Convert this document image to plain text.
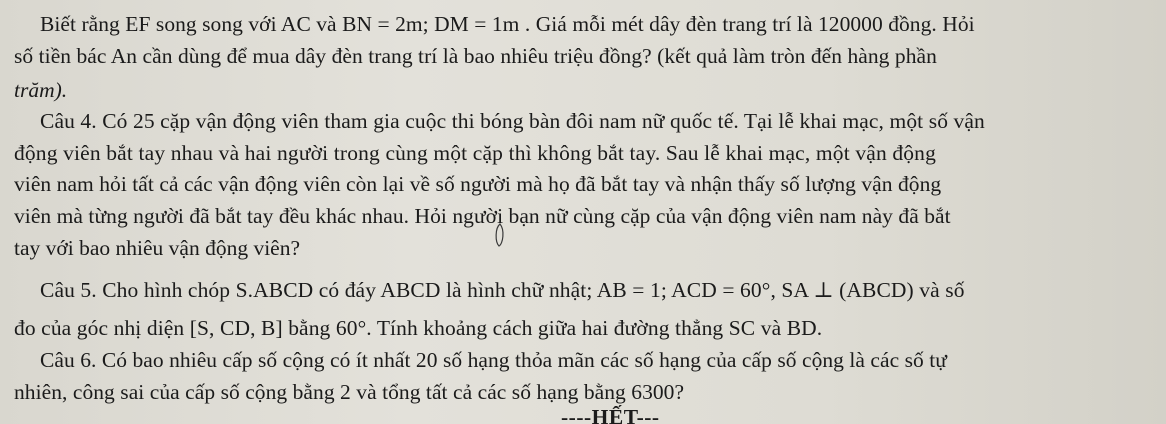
Biết rằng EF song song với AC và BN = 2m; DM = 1m . Giá mỗi mét dây đèn trang trí là 120000 đồng. Hỏi
số tiền bác An cần dùng để mua dây đèn trang trí là bao nhiêu triệu đồng? (kết quả làm tròn đến hàng phần
trăm).
Câu 4. Có 25 cặp vận động viên tham gia cuộc thi bóng bàn đôi nam nữ quốc tế. Tại lễ khai mạc, một số vận
động viên bắt tay nhau và hai người trong cùng một cặp thì không bắt tay. Sau lễ khai mạc, một vận động
viên nam hỏi tất cả các vận động viên còn lại về số người mà họ đã bắt tay và nhận thấy số lượng vận động
viên mà từng người đã bắt tay đều khác nhau. Hỏi người bạn nữ cùng cặp của vận động viên nam này đã bắt
tay với bao nhiêu vận động viên?
Câu 5. Cho hình chóp S.ABCD có đáy ABCD là hình chữ nhật; AB = 1; ACD = 60°, SA ⊥ (ABCD) và số
đo của góc nhị diện [S, CD, B] bằng 60°. Tính khoảng cách giữa hai đường thẳng SC và BD.
Câu 6. Có bao nhiêu cấp số cộng có ít nhất 20 số hạng thỏa mãn các số hạng của cấp số cộng là các số tự
nhiên, công sai của cấp số cộng bằng 2 và tổng tất cả các số hạng bằng 6300?
----HẾT---
